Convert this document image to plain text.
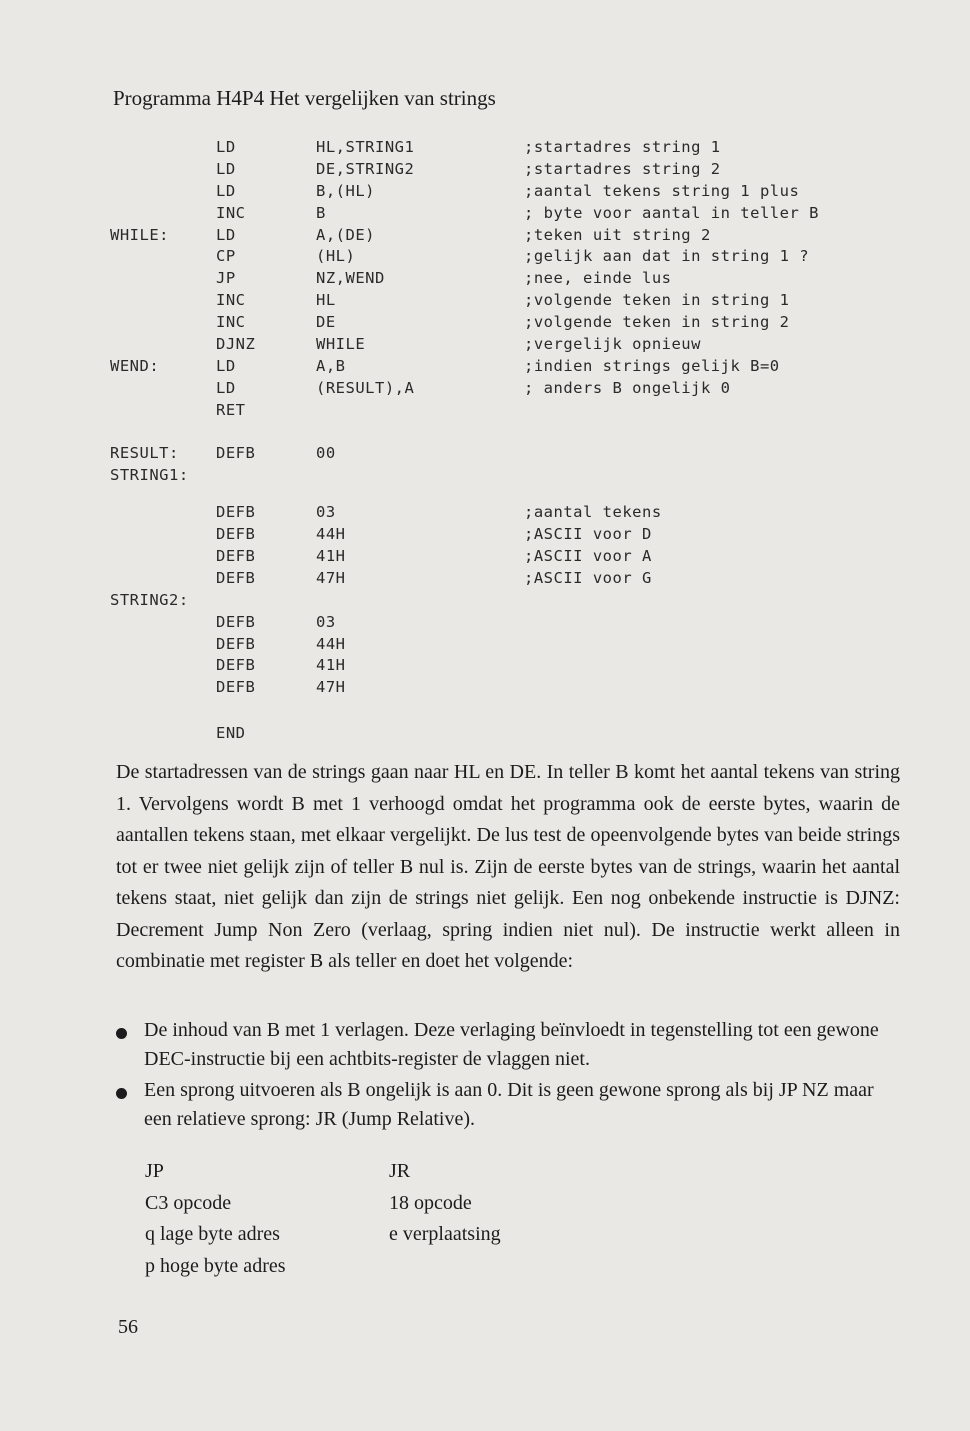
Programma H4P4 Het vergelijken van strings
LD	HL,STRING1	;startadres string 1
LD	DE,STRING2	;startadres string 2
LD	B,(HL)	;aantal tekens string 1 plus
INC	B	; byte voor aantal in teller B
WHILE:	LD	A,(DE)	;teken uit string 2
CP	(HL)	;gelijk aan dat in string 1 ?
JP	NZ,WEND	;nee, einde lus
INC	HL	;volgende teken in string 1
INC	DE	;volgende teken in string 2
DJNZ	WHILE	;vergelijk opnieuw
WEND:	LD	A,B	;indien strings gelijk B=0
LD	(RESULT),A	; anders B ongelijk 0
RET
RESULT: DEFB	00
STRING1:
DEFB	03	;aantal tekens
DEFB	44H	;ASCII voor D
DEFB	41H	;ASCII voor A
DEFB	47H	;ASCII voor G
STRING2:
DEFB	03
DEFB	44H
DEFB	41H
DEFB	47H
END
De startadressen van de strings gaan naar HL en DE. In teller B komt het aantal tekens van string 1. Vervolgens wordt B met 1 verhoogd omdat het programma ook de eerste bytes, waarin de aantallen tekens staan, met elkaar vergelijkt. De lus test de opeenvolgende bytes van beide strings tot er twee niet gelijk zijn of teller B nul is. Zijn de eerste bytes van de strings, waarin het aantal tekens staat, niet gelijk dan zijn de strings niet gelijk. Een nog onbekende instructie is DJNZ: Decrement Jump Non Zero (verlaag, spring indien niet nul). De instructie werkt alleen in combinatie met register B als teller en doet het volgende:
De inhoud van B met 1 verlagen. Deze verlaging beïnvloedt in tegenstelling tot een gewone DEC-instructie bij een achtbits-register de vlaggen niet.
Een sprong uitvoeren als B ongelijk is aan 0. Dit is geen gewone sprong als bij JP NZ maar een relatieve sprong: JR (Jump Relative).
JP	JR
C3 opcode	18 opcode
q lage byte adres	e verplaatsing
p hoge byte adres
56
